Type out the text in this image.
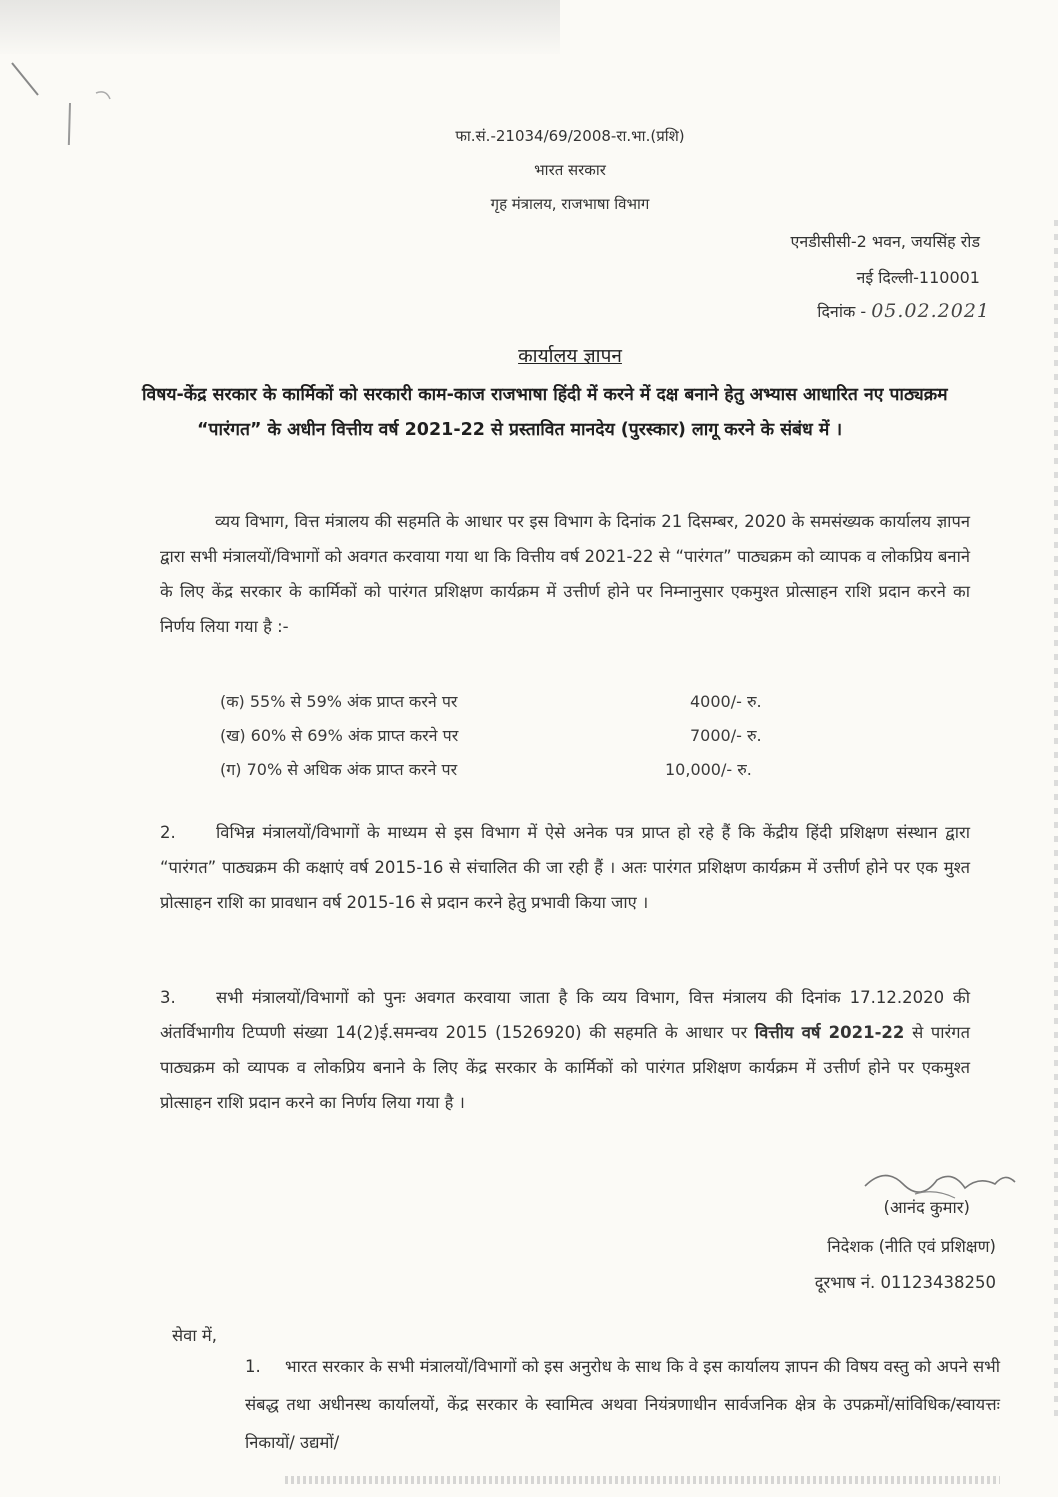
फा.सं.-21034/69/2008-रा.भा.(प्रशि)
भारत सरकार
गृह मंत्रालय, राजभाषा विभाग
एनडीसीसी-2 भवन, जयसिंह रोड
नई दिल्ली-110001
दिनांक - 05.02.2021
कार्यालय ज्ञापन
विषय-केंद्र सरकार के कार्मिकों को सरकारी काम-काज राजभाषा हिंदी में करने में दक्ष बनाने हेतु अभ्यास आधारित नए पाठ्यक्रम “पारंगत” के अधीन वित्तीय वर्ष 2021-22 से प्रस्तावित मानदेय (पुरस्कार) लागू करने के संबंध में ।
व्यय विभाग, वित्त मंत्रालय की सहमति के आधार पर इस विभाग के दिनांक 21 दिसम्बर, 2020 के समसंख्यक कार्यालय ज्ञापन द्वारा सभी मंत्रालयों/विभागों को अवगत करवाया गया था कि वित्तीय वर्ष 2021-22 से “पारंगत” पाठ्यक्रम को व्यापक व लोकप्रिय बनाने के लिए केंद्र सरकार के कार्मिकों को पारंगत प्रशिक्षण कार्यक्रम में उत्तीर्ण होने पर निम्नानुसार एकमुश्त प्रोत्साहन राशि प्रदान करने का निर्णय लिया गया है :-
(क) 55% से 59% अंक प्राप्त करने पर	4000/- रु.
(ख) 60% से 69% अंक प्राप्त करने पर	7000/- रु.
(ग) 70% से अधिक अंक प्राप्त करने पर	10,000/- रु.
2. विभिन्न मंत्रालयों/विभागों के माध्यम से इस विभाग में ऐसे अनेक पत्र प्राप्त हो रहे हैं कि केंद्रीय हिंदी प्रशिक्षण संस्थान द्वारा “पारंगत” पाठ्यक्रम की कक्षाएं वर्ष 2015-16 से संचालित की जा रही हैं । अतः पारंगत प्रशिक्षण कार्यक्रम में उत्तीर्ण होने पर एक मुश्त प्रोत्साहन राशि का प्रावधान वर्ष 2015-16 से प्रदान करने हेतु प्रभावी किया जाए ।
3. सभी मंत्रालयों/विभागों को पुनः अवगत करवाया जाता है कि व्यय विभाग, वित्त मंत्रालय की दिनांक 17.12.2020 की अंतर्विभागीय टिप्पणी संख्या 14(2)ई.समन्वय 2015 (1526920) की सहमति के आधार पर वित्तीय वर्ष 2021-22 से पारंगत पाठ्यक्रम को व्यापक व लोकप्रिय बनाने के लिए केंद्र सरकार के कार्मिकों को पारंगत प्रशिक्षण कार्यक्रम में उत्तीर्ण होने पर एकमुश्त प्रोत्साहन राशि प्रदान करने का निर्णय लिया गया है ।
(आनंद कुमार)
निदेशक (नीति एवं प्रशिक्षण)
दूरभाष नं. 01123438250
सेवा में,
1. भारत सरकार के सभी मंत्रालयों/विभागों को इस अनुरोध के साथ कि वे इस कार्यालय ज्ञापन की विषय वस्तु को अपने सभी संबद्ध तथा अधीनस्थ कार्यालयों, केंद्र सरकार के स्वामित्व अथवा नियंत्रणाधीन सार्वजनिक क्षेत्र के उपक्रमों/सांविधिक/स्वायत्तः निकायों/ उद्यमों/
